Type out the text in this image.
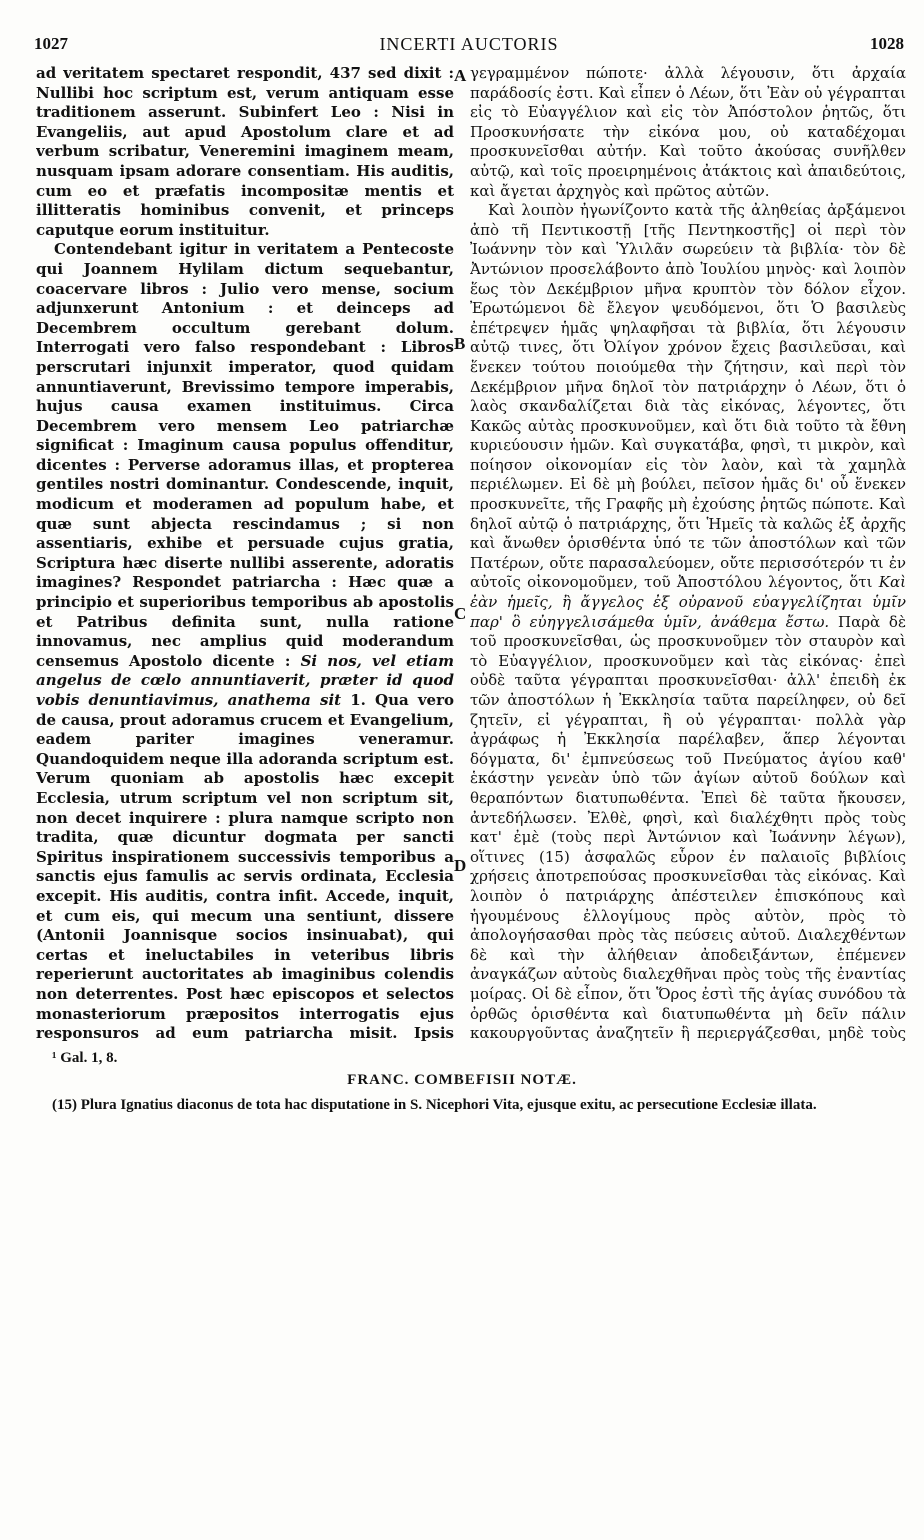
1027	INCERTI AUCTORIS	1028

ad veritatem spectaret respondit, 437 sed dixit : Nullibi hoc scriptum est, verum antiquam esse traditionem asserunt. Subinfert Leo : Nisi in Evangeliis, aut apud Apostolum clare et ad verbum scribatur, Veneremini imaginem meam, nusquam ipsam adorare consentiam. His auditis, cum eo et præfatis incompositæ mentis et illitteratis hominibus convenit, et princeps caputque eorum instituitur.

Contendebant igitur in veritatem a Pentecoste qui Joannem Hylilam dictum sequebantur, coacervare libros : Julio vero mense, socium adjunxerunt Antonium : et deinceps ad Decembrem occultum gerebant dolum. Interrogati vero falso respondebant : Libros perscrutari injunxit imperator, quod quidam annuntiaverunt, Brevissimo tempore imperabis, hujus causa examen instituimus. Circa Decembrem vero mensem Leo patriarchæ significat : Imaginum causa populus offenditur, dicentes : Perverse adoramus illas, et propterea gentiles nostri dominantur. Condescende, inquit, modicum et moderamen ad populum habe, et quæ sunt abjecta rescindamus ; si non assentiaris, exhibe et persuade cujus gratia, Scriptura hæc diserte nullibi asserente, adoratis imagines? Respondet patriarcha : Hæc quæ a principio et superioribus temporibus ab apostolis et Patribus definita sunt, nulla ratione innovamus, nec amplius quid moderandum censemus Apostolo dicente : Si nos, vel etiam angelus de cœlo annuntiaverit, præter id quod vobis denuntiavimus, anathema sit 1. Qua vero de causa, prout adoramus crucem et Evangelium, eadem pariter imagines veneramur. Quandoquidem neque illa adoranda scriptum est. Verum quoniam ab apostolis hæc excepit Ecclesia, utrum scriptum vel non scriptum sit, non decet inquirere : plura namque scripto non tradita, quæ dicuntur dogmata per sancti Spiritus inspirationem successivis temporibus a sanctis ejus famulis ac servis ordinata, Ecclesia excepit. His auditis, contra infit. Accede, inquit, et cum eis, qui mecum una sentiunt, dissere (Antonii Joannisque socios insinuabat), qui certas et ineluctabiles in veteribus libris reperierunt auctoritates ab imaginibus colendis non deterrentes. Post hæc episcopos et selectos monasteriorum præpositos interrogatis ejus responsuros ad eum patriarcha misit. Ipsis

A
B
C
D

γεγραμμένον πώποτε· ἀλλὰ λέγουσιν, ὅτι ἀρχαία παράδοσίς ἐστι. Καὶ εἶπεν ὁ Λέων, ὅτι Ἐὰν οὐ γέγραπται εἰς τὸ Εὐαγγέλιον καὶ εἰς τὸν Ἀπόστολον ῥητῶς, ὅτι Προσκυνήσατε τὴν εἰκόνα μου, οὐ καταδέχομαι προσκυνεῖσθαι αὐτήν. Καὶ τοῦτο ἀκούσας συνῆλθεν αὐτῷ, καὶ τοῖς προειρημένοις ἀτάκτοις καὶ ἀπαιδεύτοις, καὶ ἄγεται ἀρχηγὸς καὶ πρῶτος αὐτῶν.

Καὶ λοιπὸν ἠγωνίζοντο κατὰ τῆς ἀληθείας ἀρξάμενοι ἀπὸ τῆ Πεντικοστῇ [τῆς Πεντηκοστῆς] οἱ περὶ τὸν Ἰωάννην τὸν καὶ Ὑλιλᾶν σωρεύειν τὰ βιβλία· τὸν δὲ Ἀντώνιον προσελάβοντο ἀπὸ Ἰουλίου μηνὸς· καὶ λοιπὸν ἕως τὸν Δεκέμβριον μῆνα κρυπτὸν τὸν δόλον εἶχον. Ἐρωτώμενοι δὲ ἔλεγον ψευδόμενοι, ὅτι Ὁ βασιλεὺς ἐπέτρεψεν ἡμᾶς ψηλαφῆσαι τὰ βιβλία, ὅτι λέγουσιν αὐτῷ τινες, ὅτι Ὀλίγον χρόνον ἔχεις βασιλεῦσαι, καὶ ἕνεκεν τούτου ποιούμεθα τὴν ζήτησιν, καὶ περὶ τὸν Δεκέμβριον μῆνα δηλοῖ τὸν πατριάρχην ὁ Λέων, ὅτι ὁ λαὸς σκανδαλίζεται διὰ τὰς εἰκόνας, λέγοντες, ὅτι Κακῶς αὐτὰς προσκυνοῦμεν, καὶ ὅτι διὰ τοῦτο τὰ ἔθνη κυριεύουσιν ἡμῶν. Καὶ συγκατάβα, φησὶ, τι μικρὸν, καὶ ποίησον οἰκονομίαν εἰς τὸν λαὸν, καὶ τὰ χαμηλὰ περιέλωμεν. Εἰ δὲ μὴ βούλει, πεῖσον ἡμᾶς δι' οὗ ἕνεκεν προσκυνεῖτε, τῆς Γραφῆς μὴ ἐχούσης ῥητῶς πώποτε. Καὶ δηλοῖ αὐτῷ ὁ πατριάρχης, ὅτι Ἡμεῖς τὰ καλῶς ἐξ ἀρχῆς καὶ ἄνωθεν ὁρισθέντα ὑπό τε τῶν ἀποστόλων καὶ τῶν Πατέρων, οὔτε παρασαλεύομεν, οὔτε περισσότερόν τι ἐν αὐτοῖς οἰκονομοῦμεν, τοῦ Ἀποστόλου λέγοντος, ὅτι Καὶ ἐὰν ἡμεῖς, ἢ ἄγγελος ἐξ οὐρανοῦ εὐαγγελίζηται ὑμῖν παρ' ὃ εὐηγγελισάμεθα ὑμῖν, ἀνάθεμα ἔστω. Παρὰ δὲ τοῦ προσκυνεῖσθαι, ὡς προσκυνοῦμεν τὸν σταυρὸν καὶ τὸ Εὐαγγέλιον, προσκυνοῦμεν καὶ τὰς εἰκόνας· ἐπεὶ οὐδὲ ταῦτα γέγραπται προσκυνεῖσθαι· ἀλλ' ἐπειδὴ ἐκ τῶν ἀποστόλων ἡ Ἐκκλησία ταῦτα παρείληφεν, οὐ δεῖ ζητεῖν, εἰ γέγραπται, ἢ οὐ γέγραπται· πολλὰ γὰρ ἀγράφως ἡ Ἐκκλησία παρέλαβεν, ἅπερ λέγονται δόγματα, δι' ἐμπνεύσεως τοῦ Πνεύματος ἁγίου καθ' ἑκάστην γενεὰν ὑπὸ τῶν ἁγίων αὐτοῦ δούλων καὶ θεραπόντων διατυπωθέντα. Ἐπεὶ δὲ ταῦτα ἤκουσεν, ἀντεδήλωσεν. Ἐλθὲ, φησὶ, καὶ διαλέχθητι πρὸς τοὺς κατ' ἐμὲ (τοὺς περὶ Ἀντώνιον καὶ Ἰωάννην λέγων), οἵτινες (15) ἀσφαλῶς εὗρον ἐν παλαιοῖς βιβλίοις χρήσεις ἀποτρεπούσας προσκυνεῖσθαι τὰς εἰκόνας. Καὶ λοιπὸν ὁ πατριάρχης ἀπέστειλεν ἐπισκόπους καὶ ἡγουμένους ἐλλογίμους πρὸς αὐτὸν, πρὸς τὸ ἀπολογήσασθαι πρὸς τὰς πεύσεις αὐτοῦ. Διαλεχθέντων δὲ καὶ τὴν ἀλήθειαν ἀποδειξάντων, ἐπέμενεν ἀναγκάζων αὐτοὺς διαλεχθῆναι πρὸς τοὺς τῆς ἐναντίας μοίρας. Οἱ δὲ εἶπον, ὅτι Ὅρος ἐστὶ τῆς ἁγίας συνόδου τὰ ὀρθῶς ὁρισθέντα καὶ διατυπωθέντα μὴ δεῖν πάλιν κακουργοῦντας ἀναζητεῖν ἢ περιεργάζεσθαι, μηδὲ τοὺς

¹ Gal. 1, 8.
FRANC. COMBEFISII NOTÆ.
(15) Plura Ignatius diaconus de tota hac disputatione in S. Nicephori Vita, ejusque exitu, ac persecutione Ecclesiæ illata.
